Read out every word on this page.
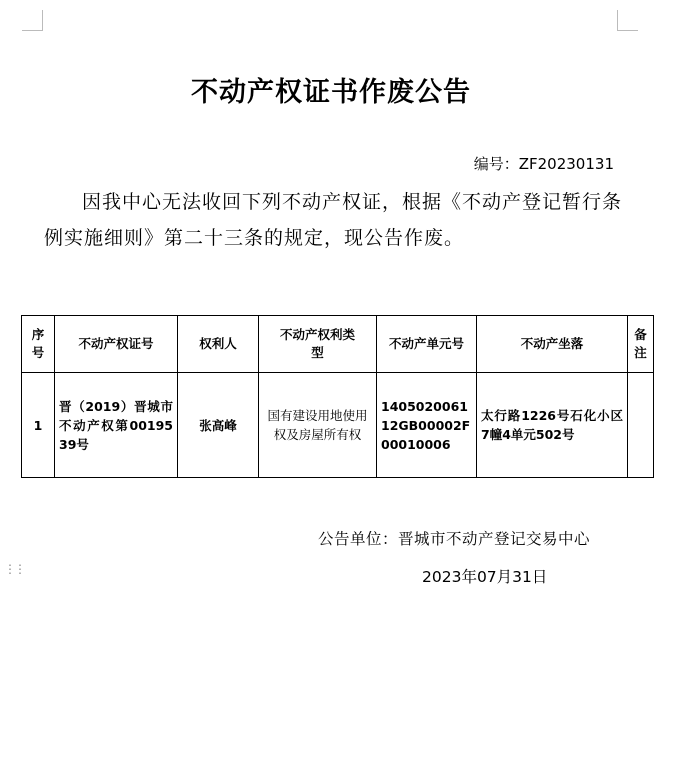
⋮⋮
不动产权证书作废公告
编号：ZF20230131
因我中心无法收回下列不动产权证，根据《不动产登记暂行条例实施细则》第二十三条的规定，现公告作废。
序号	不动产权证号	权利人	不动产权利类型	不动产单元号	不动产坐落	备注
1	晋（2019）晋城市不动产权第0019539号	张高峰	国有建设用地使用权及房屋所有权	140502006112GB00002F00010006	太行路1226号石化小区7幢4单元502号	
公告单位：晋城市不动产登记交易中心
2023年07月31日
